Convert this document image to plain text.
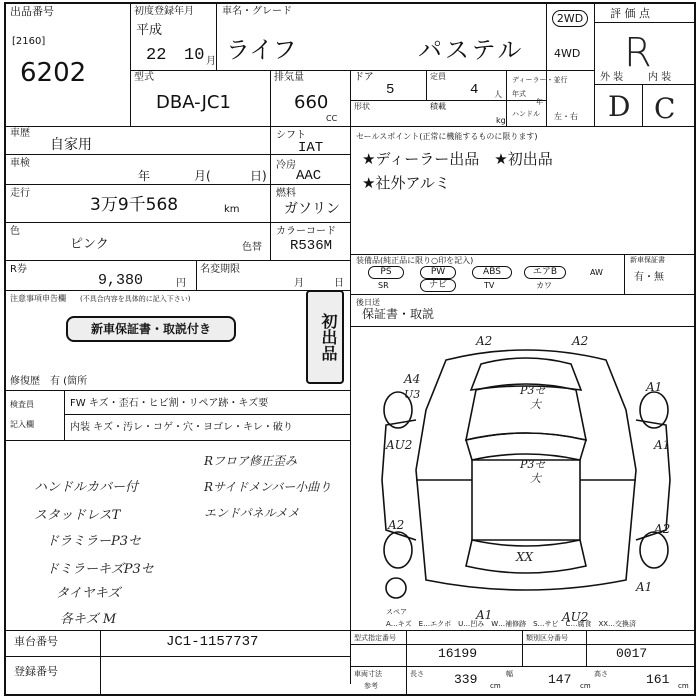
出品番号
[2160]
6202
初度登録年月
平成
22 10 月
車名・グレード
ライフ	パステル
2WD
4WD
評 価 点
R
外 装 内 装
D C
型式
DBA-JC1
排気量
660
CC
ドア
5
定員
4 人
形状	積載
kg
ディーラー・並行
年式
年
ハンドル 左・右
車歴
自家用
シフト
IAT
車検
年	月(	日)
冷房
AAC
走行
3万9千568	km
燃料
ガソリン
色
ピンク	色替
カラーコード
R536M
R券
9,380	円
名変期限
月	日
注意事項申告欄 (不具合内容を具体的に記入下さい)
新車保証書・取説付き	初出品
修復歴 有 (箇所
検査員
記入欄
FW キズ・歪石・ヒビ割・リペア跡・キズ要
内装 キズ・汚レ・コゲ・穴・ヨゴレ・キレ・破り
ハンドルカバー付
スタッドレスT
ドラミラーP3セ
ドミラーキズP3セ
タイヤキズ
各キズ M
Rフロア修正歪み
Rサイドメンバー小曲り
エンドパネルメメ
セールスポイント(正常に機能するものに限ります)
★ディーラー出品　★初出品
★社外アルミ
装備品(純正品に限り○印を記入)
PS	PW	ABS	エアB	AW
SR	ナビ	TV	カワ
新車保証書
有・無
後日送
保証書・取説
A2	A2
A4
U3
A1
AU2	A1
P3セ
大
P3セ
大
A2	A2
XX
A1
AU2
A1
スペア
A…キズ　E…エクボ　U…凹み　W…補修跡　S…サビ　C…腐食　XX…交換済
車台番号	JC1-1157737
登録番号
型式指定番号
16199
類別区分番号
0017
車両寸法
参考
長さ 339 cm
幅	147 cm
高さ	161 cm
